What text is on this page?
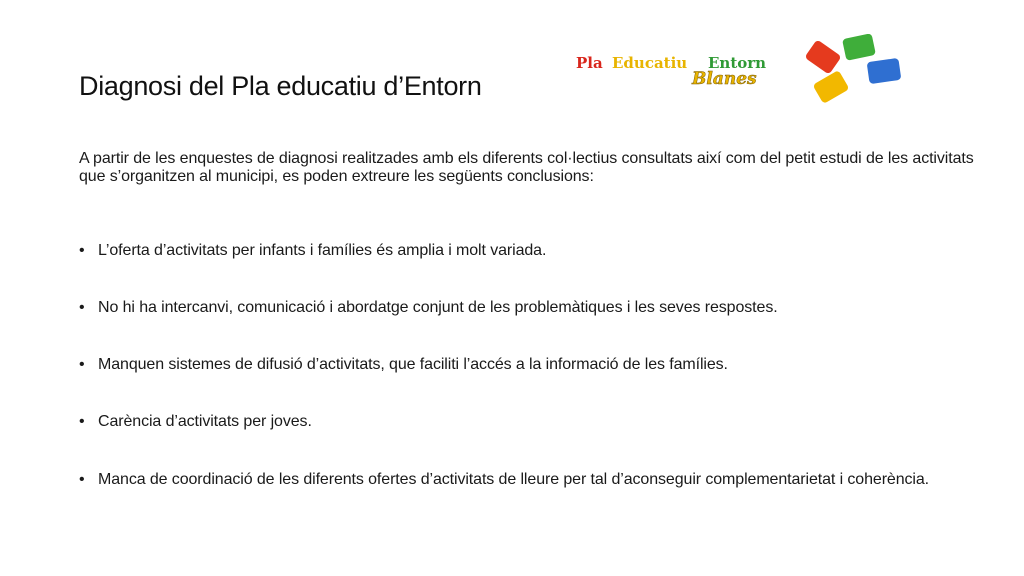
Diagnosi del Pla educatiu d’Entorn
Pla Educatiu Entorn
Blanes

A partir de les enquestes de diagnosi realitzades amb els diferents col·lectius consultats així com del petit estudi de les activitats que s’organitzen al municipi, es poden extreure les següents conclusions:

• L’oferta d’activitats per infants i famílies és amplia i molt variada.
• No hi ha intercanvi, comunicació i abordatge conjunt de les problemàtiques i les seves respostes.
• Manquen sistemes de difusió d’activitats, que faciliti l’accés a la informació de les famílies.
• Carència d’activitats per joves.
• Manca de coordinació de les diferents ofertes d’activitats de lleure per tal d’aconseguir complementarietat i coherència.
